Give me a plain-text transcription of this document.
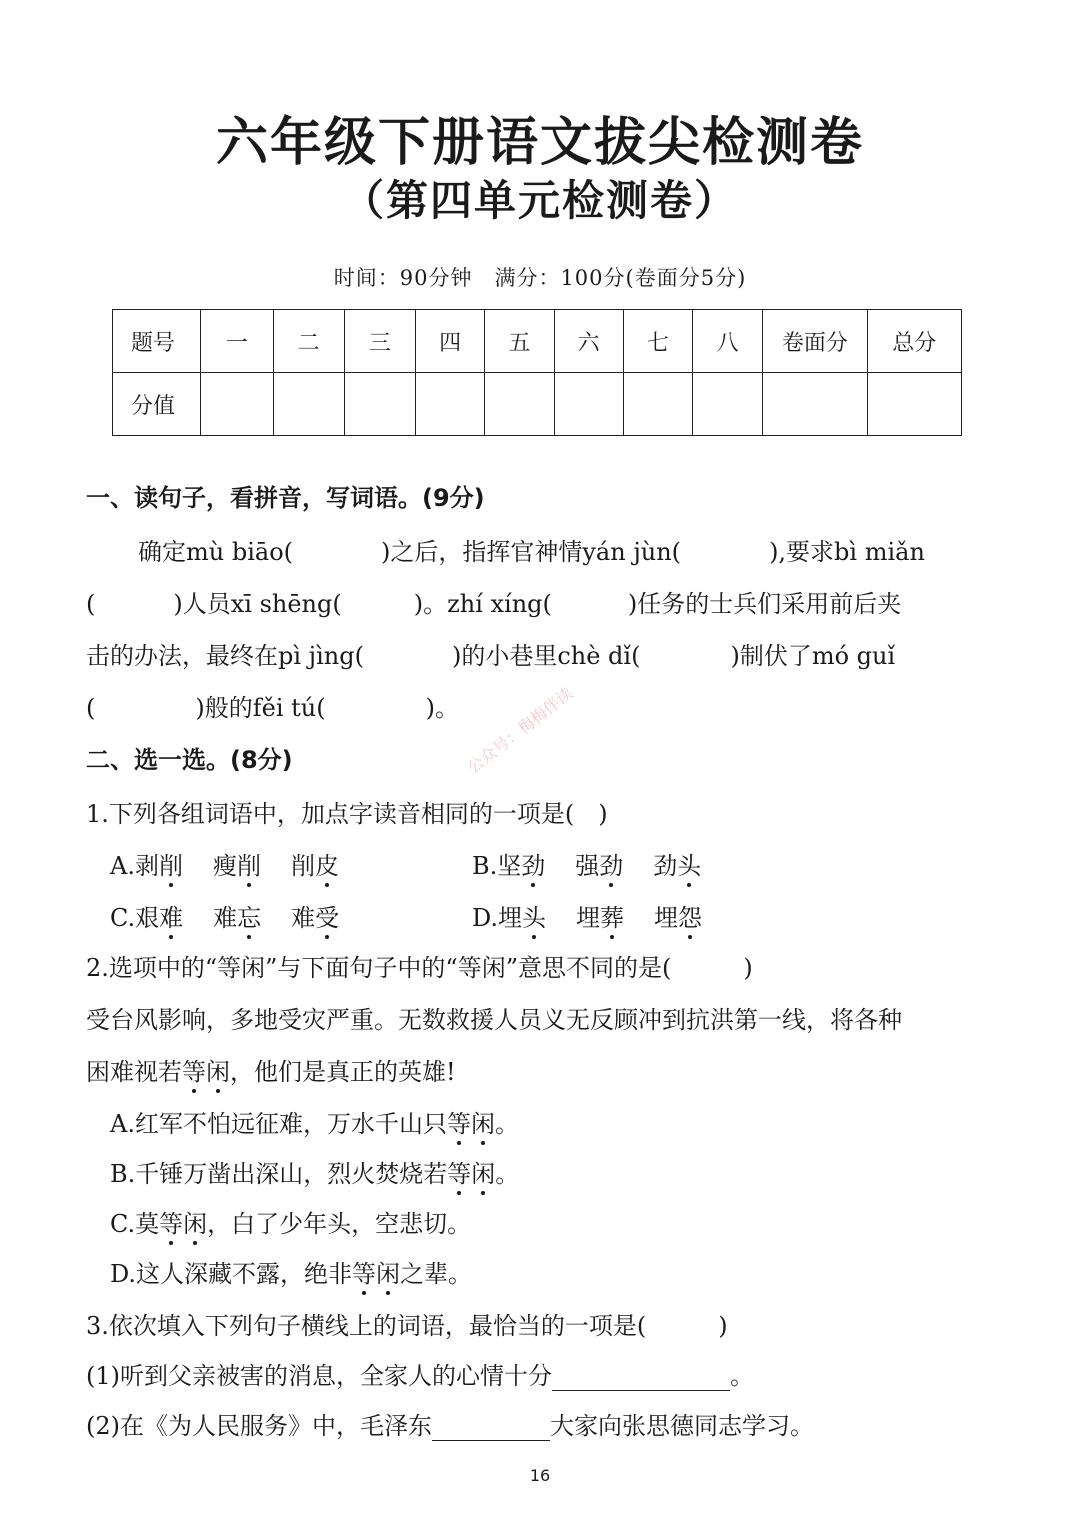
六年级下册语文拔尖检测卷
（第四单元检测卷）
时间：90分钟　满分：100分(卷面分5分)
题号	一	二	三	四	五	六	七	八	卷面分	总分
分值										
一、读句子，看拼音，写词语。(9分)
确定mù biāo(	)之后，指挥官神情yán jùn(	),要求bì miǎn
(	)人员xī shēng(	)。zhí xíng(	)任务的士兵们采用前后夹
击的办法，最终在pì jìng(	)的小巷里chè dǐ(	)制伏了mó guǐ
(	)般的fěi tú(	)。
二、选一选。(8分)
1.下列各组词语中，加点字读音相同的一项是(　)
A.剥削 瘦削 削皮	B.坚劲 强劲 劲头
C.艰难 难忘 难受	D.埋头 埋葬 埋怨
2.选项中的“等闲”与下面句子中的“等闲”意思不同的是(　　　)
受台风影响，多地受灾严重。无数救援人员义无反顾冲到抗洪第一线，将各种
困难视若等闲，他们是真正的英雄!
A.红军不怕远征难，万水千山只等闲。
B.千锤万凿出深山，烈火焚烧若等闲。
C.莫等闲，白了少年头，空悲切。
D.这人深藏不露，绝非等闲之辈。
3.依次填入下列句子横线上的词语，最恰当的一项是(　　　)
(1)听到父亲被害的消息，全家人的心情十分	。
(2)在《为人民服务》中，毛泽东	大家向张思德同志学习。
公众号：梅梅伴读
16
